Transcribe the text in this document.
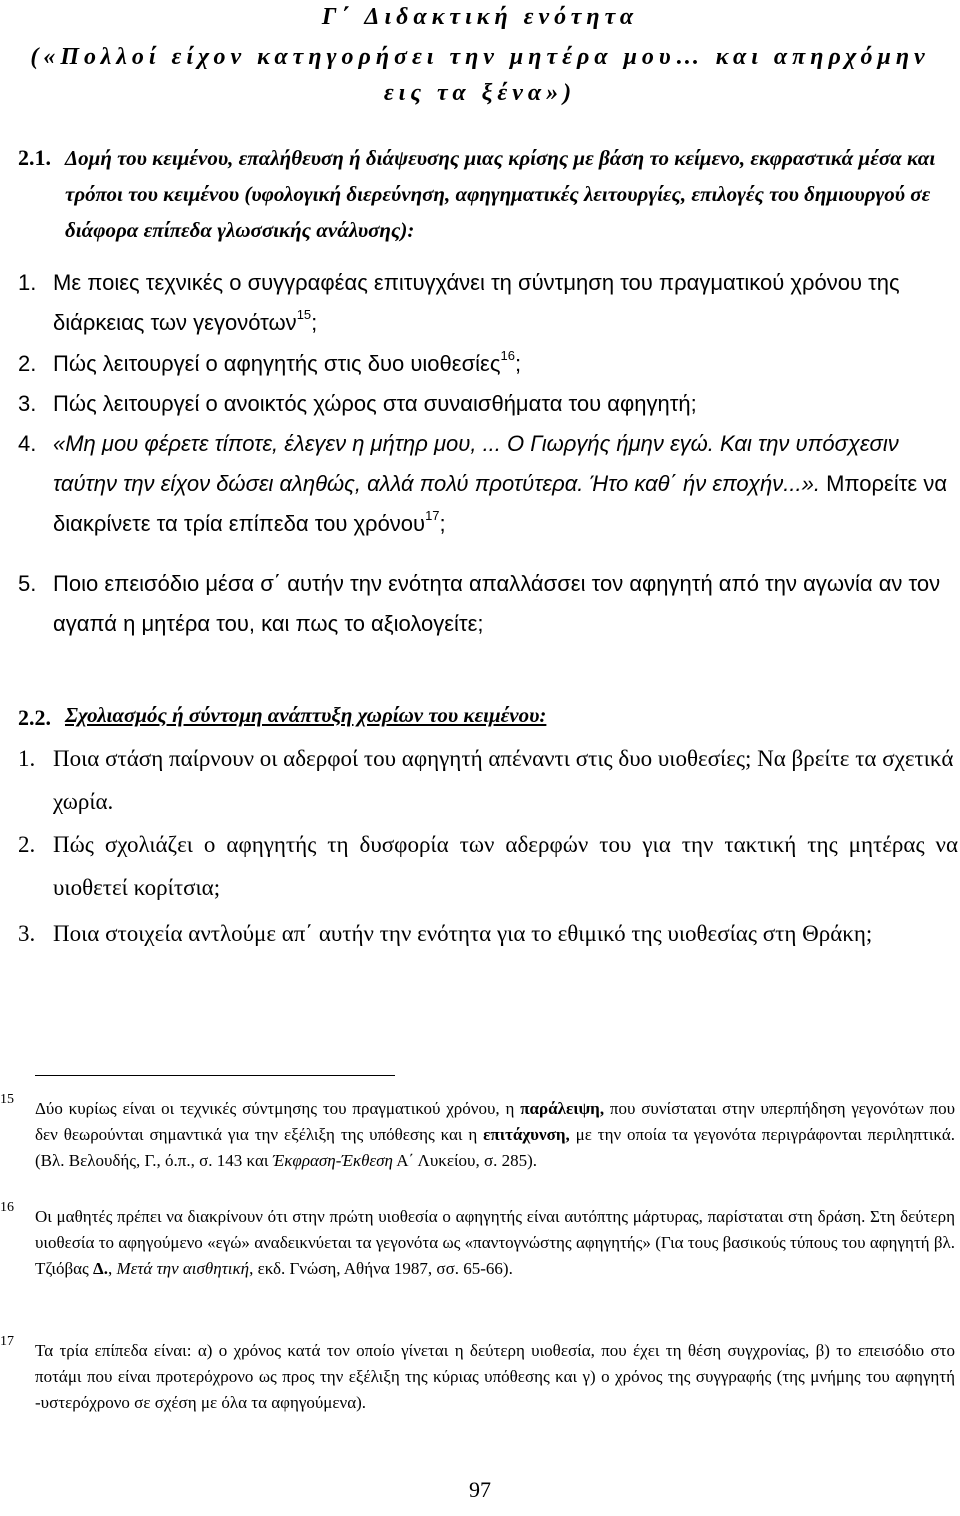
Γ΄ Διδακτική ενότητα
(«Πολλοί είχον κατηγορήσει την μητέρα μου… και απηρχόμην
εις τα ξένα»)
2.1. Δομή του κειμένου, επαλήθευση ή διάψευσης μιας κρίσης με βάση το κείμενο, εκφραστικά μέσα και τρόποι του κειμένου (υφολογική διερεύνηση, αφηγηματικές λειτουργίες, επιλογές του δημιουργού σε διάφορα επίπεδα γλωσσικής ανάλυσης):
1. Με ποιες τεχνικές ο συγγραφέας επιτυγχάνει τη σύντμηση του πραγματικού χρόνου της διάρκειας των γεγονότων$^{15}$;
2. Πώς λειτουργεί ο αφηγητής στις δυο υιοθεσίες$^{16}$;
3. Πώς λειτουργεί ο ανοικτός χώρος στα συναισθήματα του αφηγητή;
4. «Μη μου φέρετε τίποτε, έλεγεν η μήτηρ μου, ... Ο Γιωργής ήμην εγώ. Και την υπόσχεσιν ταύτην την είχον δώσει αληθώς, αλλά πολύ προτύτερα. Ήτο καθ΄ ήν εποχήν...». Μπορείτε να διακρίνετε τα τρία επίπεδα του χρόνου$^{17}$;
5. Ποιο επεισόδιο μέσα σ΄ αυτήν την ενότητα απαλλάσσει τον αφηγητή από την αγωνία αν τον αγαπά η μητέρα του, και πως το αξιολογείτε;
2.2. Σχολιασμός ή σύντομη ανάπτυξη χωρίων του κειμένου:
1. Ποια στάση παίρνουν οι αδερφοί του αφηγητή απέναντι στις δυο υιοθεσίες; Να βρείτε τα σχετικά χωρία.
2. Πώς σχολιάζει ο αφηγητής τη δυσφορία των αδερφών του για την τακτική της μητέρας να υιοθετεί κορίτσια;
3. Ποια στοιχεία αντλούμε απ΄ αυτήν την ενότητα για το εθιμικό της υιοθεσίας στη Θράκη;
15 Δύο κυρίως είναι οι τεχνικές σύντμησης του πραγματικού χρόνου, η παράλειψη, που συνίσταται στην υπερπήδηση γεγονότων που δεν θεωρούνται σημαντικά για την εξέλιξη της υπόθεσης και η επιτάχυνση, με την οποία τα γεγονότα περιγράφονται περιληπτικά. (Βλ. Βελουδής, Γ., ό.π., σ. 143 και Έκφραση-Έκθεση Α΄ Λυκείου, σ. 285).
16 Οι μαθητές πρέπει να διακρίνουν ότι στην πρώτη υιοθεσία ο αφηγητής είναι αυτόπτης μάρτυρας, παρίσταται στη δράση. Στη δεύτερη υιοθεσία το αφηγούμενο «εγώ» αναδεικνύεται τα γεγονότα ως «παντογνώστης αφηγητής» (Για τους βασικούς τύπους του αφηγητή βλ. Τζιόβας Δ., Μετά την αισθητική, εκδ. Γνώση, Αθήνα 1987, σσ. 65-66).
17 Τα τρία επίπεδα είναι: α) ο χρόνος κατά τον οποίο γίνεται η δεύτερη υιοθεσία, που έχει τη θέση συγχρονίας, β) το επεισόδιο στο ποτάμι που είναι προτερόχρονο ως προς την εξέλιξη της κύριας υπόθεσης και γ) ο χρόνος της συγγραφής (της μνήμης του αφηγητή -υστερόχρονο σε σχέση με όλα τα αφηγούμενα).
97
